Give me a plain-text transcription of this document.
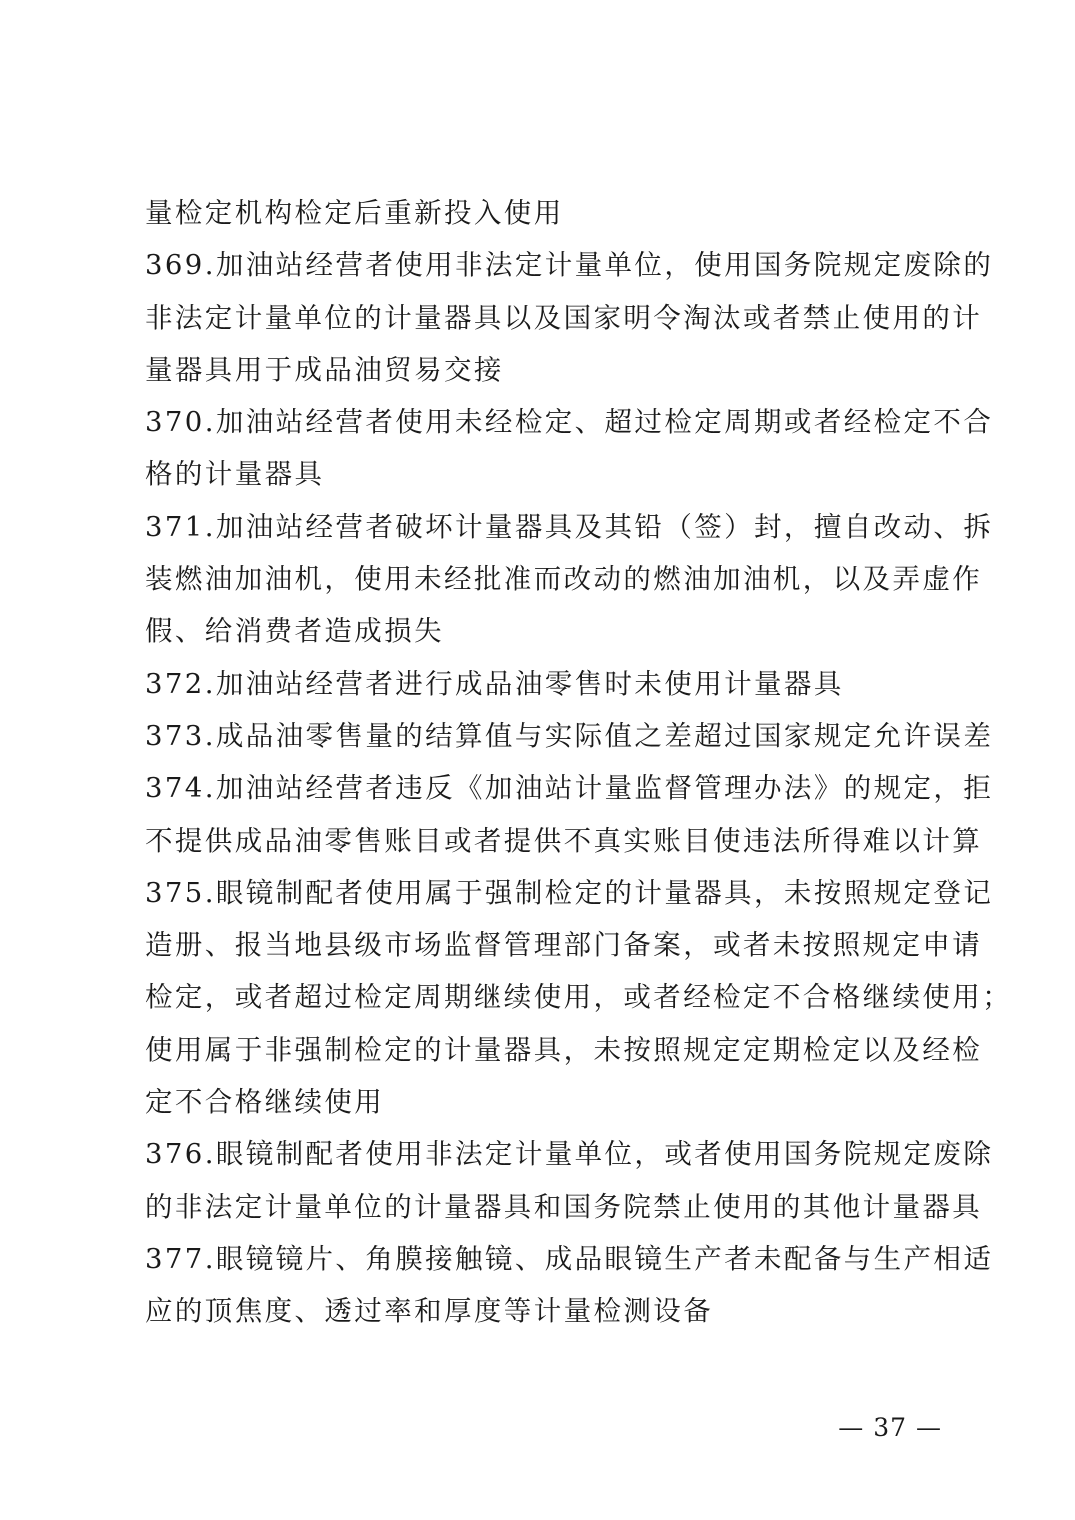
量检定机构检定后重新投入使用
369.加油站经营者使用非法定计量单位，使用国务院规定废除的
非法定计量单位的计量器具以及国家明令淘汰或者禁止使用的计
量器具用于成品油贸易交接
370.加油站经营者使用未经检定、超过检定周期或者经检定不合
格的计量器具
371.加油站经营者破坏计量器具及其铅（签）封，擅自改动、拆
装燃油加油机，使用未经批准而改动的燃油加油机，以及弄虚作
假、给消费者造成损失
372.加油站经营者进行成品油零售时未使用计量器具
373.成品油零售量的结算值与实际值之差超过国家规定允许误差
374.加油站经营者违反《加油站计量监督管理办法》的规定，拒
不提供成品油零售账目或者提供不真实账目使违法所得难以计算
375.眼镜制配者使用属于强制检定的计量器具，未按照规定登记
造册、报当地县级市场监督管理部门备案，或者未按照规定申请
检定，或者超过检定周期继续使用，或者经检定不合格继续使用；
使用属于非强制检定的计量器具，未按照规定定期检定以及经检
定不合格继续使用
376.眼镜制配者使用非法定计量单位，或者使用国务院规定废除
的非法定计量单位的计量器具和国务院禁止使用的其他计量器具
377.眼镜镜片、角膜接触镜、成品眼镜生产者未配备与生产相适
应的顶焦度、透过率和厚度等计量检测设备
— 37 —
